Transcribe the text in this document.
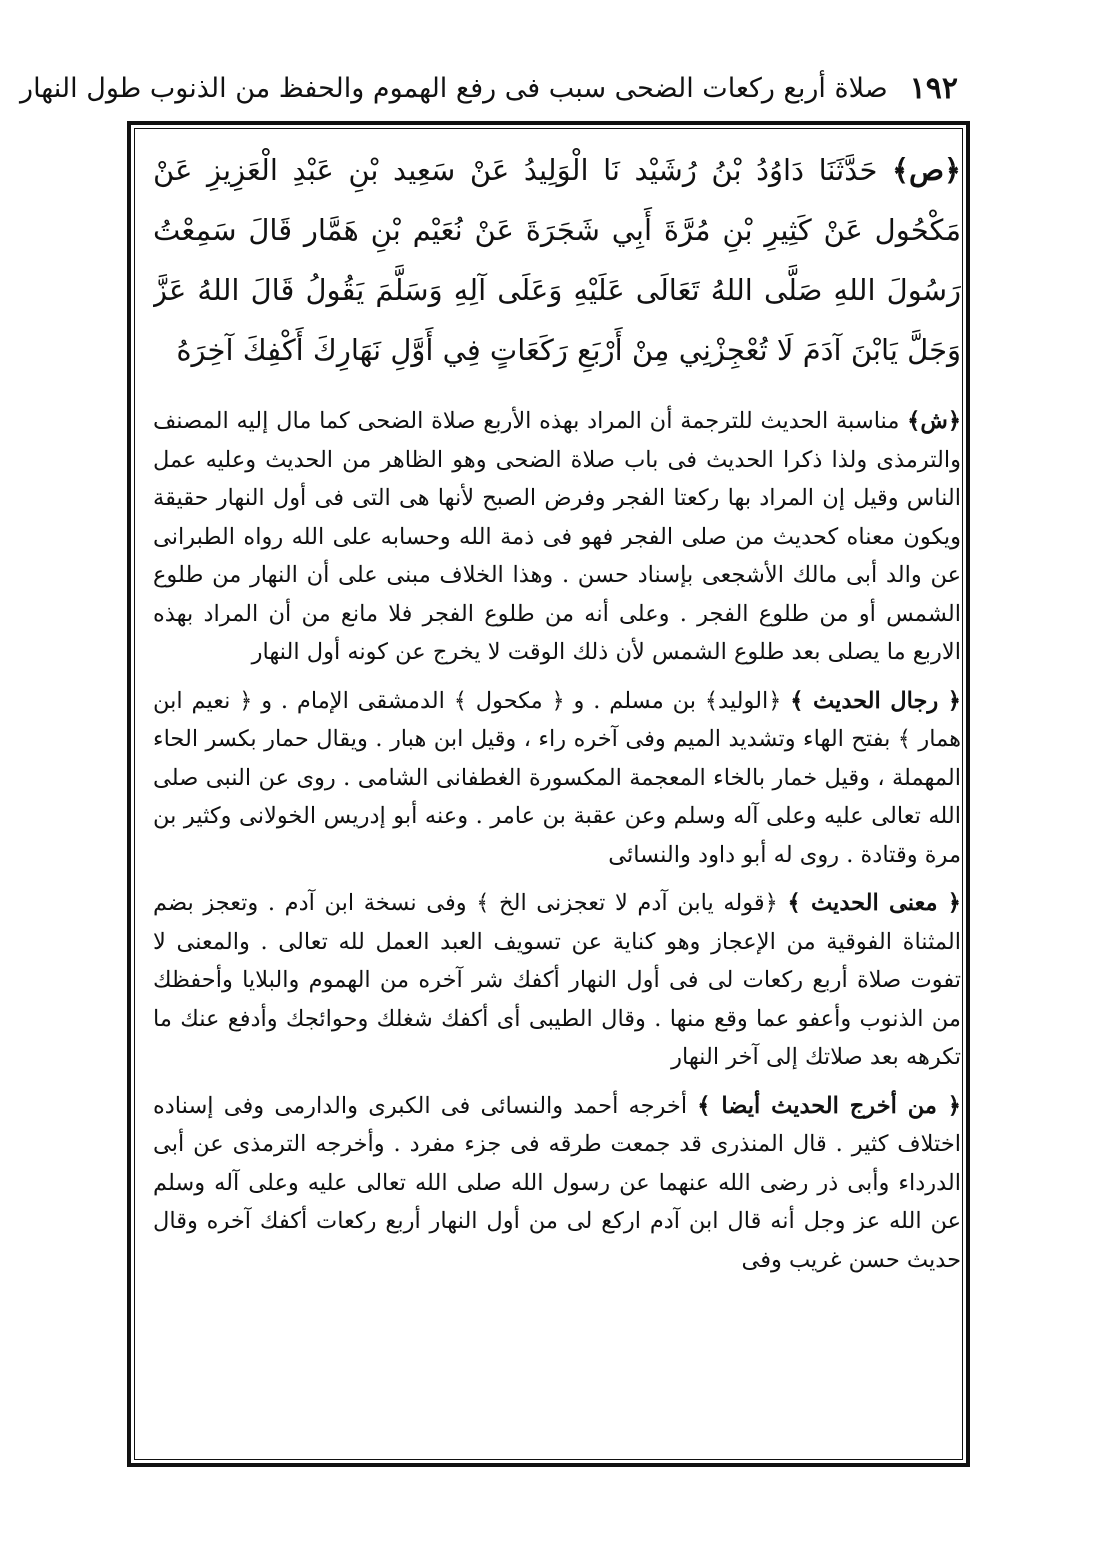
١٩٢
صلاة أربع ركعات الضحى سبب فى رفع الهموم والحفظ من الذنوب طول النهار

﴿ص﴾ حَدَّثَنَا دَاوُدُ بْنُ رُشَيْد نَا الْوَلِيدُ عَنْ سَعِيد بْنِ عَبْدِ الْعَزِيزِ عَنْ مَكْحُول عَنْ كَثِيرِ بْنِ مُرَّةَ أَبِي شَجَرَةَ عَنْ نُعَيْم بْنِ هَمَّار قَالَ سَمِعْتُ رَسُولَ اللهِ صَلَّى اللهُ تَعَالَى عَلَيْهِ وَعَلَى آلِهِ وَسَلَّمَ يَقُولُ قَالَ اللهُ عَزَّ وَجَلَّ يَابْنَ آدَمَ لَا تُعْجِزْنِي مِنْ أَرْبَعِ رَكَعَاتٍ فِي أَوَّلِ نَهَارِكَ أَكْفِكَ آخِرَهُ

﴿ش﴾ مناسبة الحديث للترجمة أن المراد بهذه الأربع صلاة الضحى كما مال إليه المصنف والترمذى ولذا ذكرا الحديث فى باب صلاة الضحى وهو الظاهر من الحديث وعليه عمل الناس وقيل إن المراد بها ركعتا الفجر وفرض الصبح لأنها هى التى فى أول النهار حقيقة ويكون معناه كحديث من صلى الفجر فهو فى ذمة الله وحسابه على الله رواه الطبرانى عن والد أبى مالك الأشجعى بإسناد حسن . وهذا الخلاف مبنى على أن النهار من طلوع الشمس أو من طلوع الفجر . وعلى أنه من طلوع الفجر فلا مانع من أن المراد بهذه الاربع ما يصلى بعد طلوع الشمس لأن ذلك الوقت لا يخرج عن كونه أول النهار

﴿ رجال الحديث ﴾ ﴿الوليد﴾ بن مسلم . و ﴿ مكحول ﴾ الدمشقى الإمام . و ﴿ نعيم ابن همار ﴾ بفتح الهاء وتشديد الميم وفى آخره راء ، وقيل ابن هبار . ويقال حمار بكسر الحاء المهملة ، وقيل خمار بالخاء المعجمة المكسورة الغطفانى الشامى . روى عن النبى صلى الله تعالى عليه وعلى آله وسلم وعن عقبة بن عامر . وعنه أبو إدريس الخولانى وكثير بن مرة وقتادة . روى له أبو داود والنسائى

﴿ معنى الحديث ﴾ ﴿قوله يابن آدم لا تعجزنى الخ ﴾ وفى نسخة ابن آدم . وتعجز بضم المثناة الفوقية من الإعجاز وهو كناية عن تسويف العبد العمل لله تعالى . والمعنى لا تفوت صلاة أربع ركعات لى فى أول النهار أكفك شر آخره من الهموم والبلايا وأحفظك من الذنوب وأعفو عما وقع منها . وقال الطيبى أى أكفك شغلك وحوائجك وأدفع عنك ما تكرهه بعد صلاتك إلى آخر النهار

﴿ من أخرج الحديث أيضا ﴾ أخرجه أحمد والنسائى فى الكبرى والدارمى وفى إسناده اختلاف كثير . قال المنذرى قد جمعت طرقه فى جزء مفرد . وأخرجه الترمذى عن أبى الدرداء وأبى ذر رضى الله عنهما عن رسول الله صلى الله تعالى عليه وعلى آله وسلم عن الله عز وجل أنه قال ابن آدم اركع لى من أول النهار أربع ركعات أكفك آخره وقال حديث حسن غريب وفى
